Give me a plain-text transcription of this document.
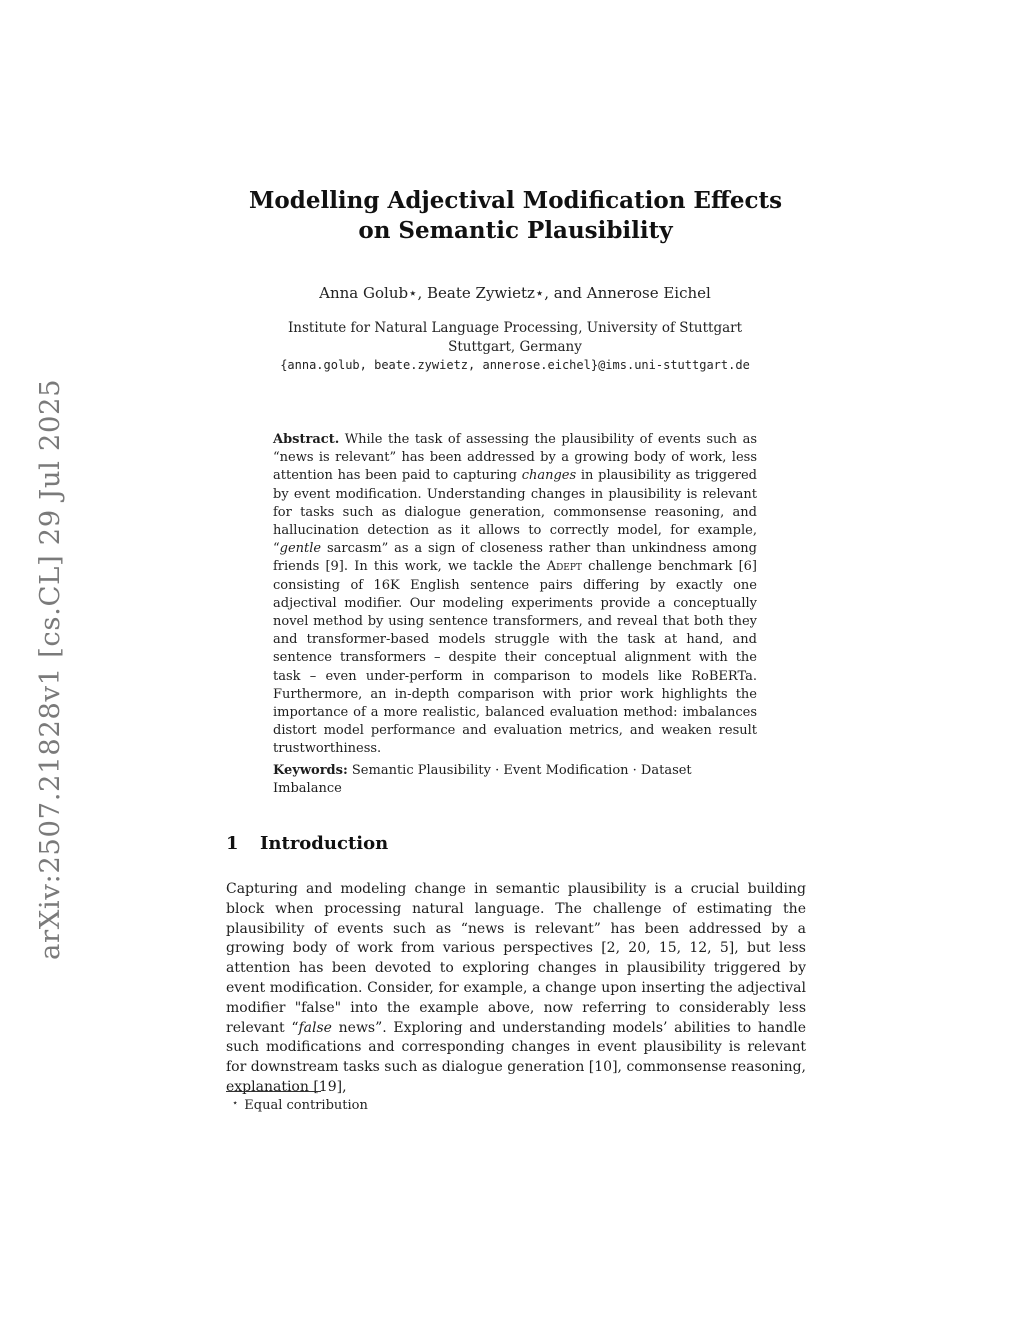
arXiv:2507.21828v1 [cs.CL] 29 Jul 2025
Modelling Adjectival Modification Effects
on Semantic Plausibility
Anna Golub⋆, Beate Zywietz⋆, and Annerose Eichel
Institute for Natural Language Processing, University of Stuttgart
Stuttgart, Germany
{anna.golub, beate.zywietz, annerose.eichel}@ims.uni-stuttgart.de
Abstract. While the task of assessing the plausibility of events such as “news is relevant” has been addressed by a growing body of work, less attention has been paid to capturing changes in plausibility as triggered by event modification. Understanding changes in plausibility is relevant for tasks such as dialogue generation, commonsense reasoning, and hallucination detection as it allows to correctly model, for example, “gentle sarcasm” as a sign of closeness rather than unkindness among friends [9]. In this work, we tackle the Adept challenge benchmark [6] consisting of 16K English sentence pairs differing by exactly one adjectival modifier. Our modeling experiments provide a conceptually novel method by using sentence transformers, and reveal that both they and transformer-based models struggle with the task at hand, and sentence transformers – despite their conceptual alignment with the task – even under-perform in comparison to models like RoBERTa. Furthermore, an in-depth comparison with prior work highlights the importance of a more realistic, balanced evaluation method: imbalances distort model performance and evaluation metrics, and weaken result trustworthiness.
Keywords: Semantic Plausibility · Event Modification · Dataset Imbalance
1 Introduction
Capturing and modeling change in semantic plausibility is a crucial building block when processing natural language. The challenge of estimating the plausibility of events such as “news is relevant” has been addressed by a growing body of work from various perspectives [2, 20, 15, 12, 5], but less attention has been devoted to exploring changes in plausibility triggered by event modification. Consider, for example, a change upon inserting the adjectival modifier "false" into the example above, now referring to considerably less relevant “false news”. Exploring and understanding models’ abilities to handle such modifications and corresponding changes in event plausibility is relevant for downstream tasks such as dialogue generation [10], commonsense reasoning, explanation [19],
⋆ Equal contribution
